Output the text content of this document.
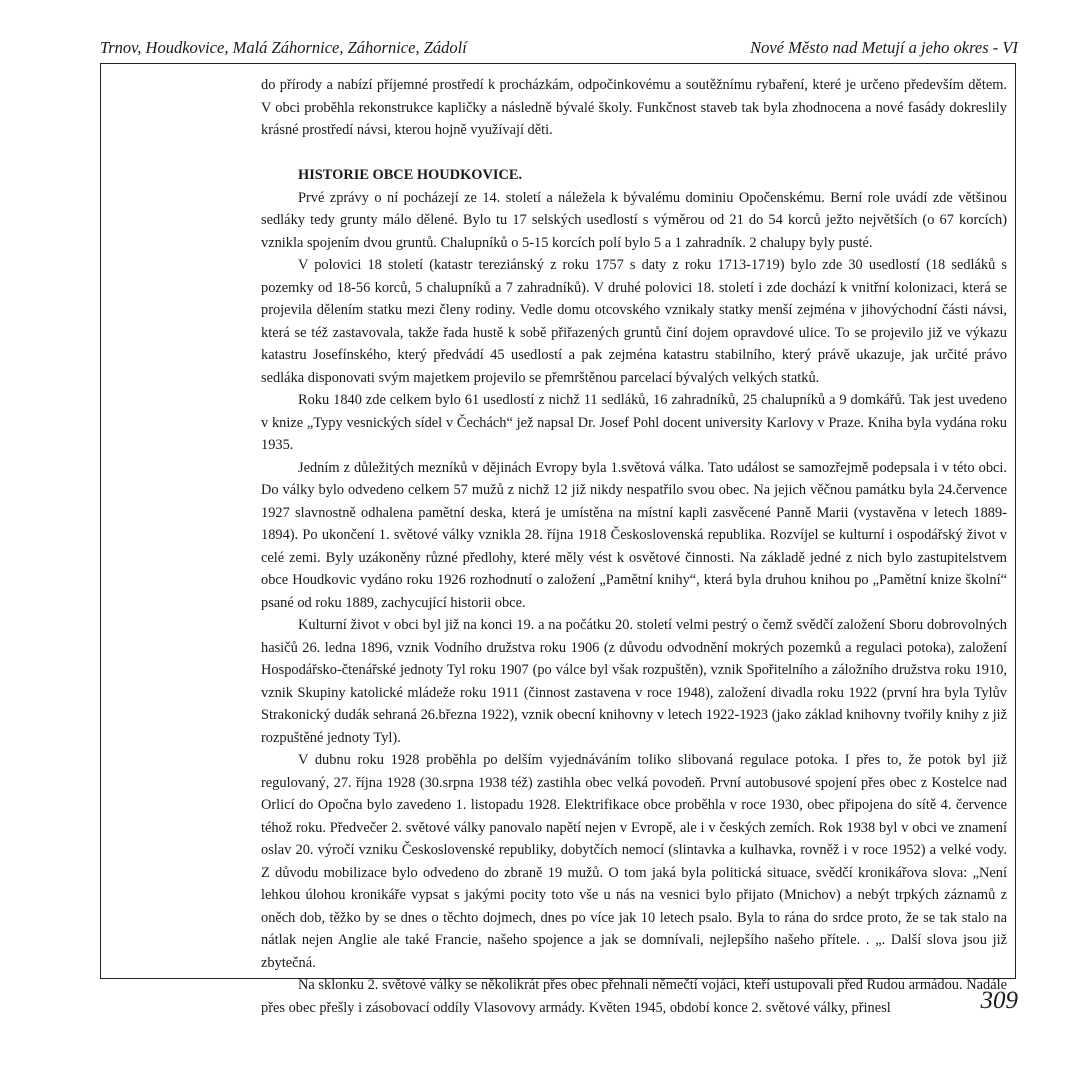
Trnov, Houdkovice, Malá Záhornice, Záhornice, Zádolí	Nové Město nad Metují a jeho okres - VI

do přírody a nabízí příjemné prostředí k procházkám, odpočinkovému a soutěžnímu rybaření, které je určeno především dětem. V obci proběhla rekonstrukce kapličky a následně bývalé školy. Funkčnost staveb tak byla zhodnocena a nové fasády dokreslily krásné prostředí návsi, kterou hojně využívají děti.

HISTORIE OBCE HOUDKOVICE.

Prvé zprávy o ní pocházejí ze 14. století a náležela k bývalému dominiu Opočenskému. Berní role uvádí zde většinou sedláky tedy grunty málo dělené. Bylo tu 17 selských usedlostí s výměrou od 21 do 54 korců ježto největších (o 67 korcích) vznikla spojením dvou gruntů. Chalupníků o 5-15 korcích polí bylo 5 a 1 zahradník. 2 chalupy byly pusté.

V polovici 18 století (katastr tereziánský z roku 1757 s daty z roku 1713-1719) bylo zde 30 usedlostí (18 sedláků s pozemky od 18-56 korců, 5 chalupníků a 7 zahradníků). V druhé polovici 18. století i zde dochází k vnitřní kolonizaci, která se projevila dělením statku mezi členy rodiny. Vedle domu otcovského vznikaly statky menší zejména v jihovýchodní části návsi, která se též zastavovala, takže řada hustě k sobě přiřazených gruntů činí dojem opravdové ulice. To se projevilo již ve výkazu katastru Josefínského, který předvádí 45 usedlostí a pak zejména katastru stabilního, který právě ukazuje, jak určité právo sedláka disponovati svým majetkem projevilo se přemrštěnou parcelací bývalých velkých statků.

Roku 1840 zde celkem bylo 61 usedlostí z nichž 11 sedláků, 16 zahradníků, 25 chalupníků a 9 domkářů. Tak jest uvedeno v knize „Typy vesnických sídel v Čechách“ jež napsal Dr. Josef Pohl docent university Karlovy v Praze. Kniha byla vydána roku 1935.

Jedním z důležitých mezníků v dějinách Evropy byla 1.světová válka. Tato událost se samozřejmě podepsala i v této obci. Do války bylo odvedeno celkem 57 mužů z nichž 12 již nikdy nespatřilo svou obec. Na jejich věčnou památku byla 24.července 1927 slavnostně odhalena pamětní deska, která je umístěna na místní kapli zasvěcené Panně Marii (vystavěna v letech 1889-1894). Po ukončení 1. světové války vznikla 28. října 1918 Československá republika. Rozvíjel se kulturní i ospodářský život v celé zemi. Byly uzákoněny různé předlohy, které měly vést k osvětové činnosti. Na základě jedné z nich bylo zastupitelstvem obce Houdkovic vydáno roku 1926 rozhodnutí o založení „Pamětní knihy“, která byla druhou knihou po „Pamětní knize školní“ psané od roku 1889, zachycující historii obce.

Kulturní život v obci byl již na konci 19. a na počátku 20. století velmi pestrý o čemž svědčí založení Sboru dobrovolných hasičů 26. ledna 1896, vznik Vodního družstva roku 1906 (z důvodu odvodnění mokrých pozemků a regulaci potoka), založení Hospodářsko-čtenářské jednoty Tyl roku 1907 (po válce byl však rozpuštěn), vznik Spořitelního a záložního družstva roku 1910, vznik Skupiny katolické mládeže roku 1911 (činnost zastavena v roce 1948), založení divadla roku 1922 (první hra byla Tylův Strakonický dudák sehraná 26.března 1922), vznik obecní knihovny v letech 1922-1923 (jako základ knihovny tvořily knihy z již rozpuštěné jednoty Tyl).

V dubnu roku 1928 proběhla po delším vyjednáváním toliko slibovaná regulace potoka. I přes to, že potok byl již regulovaný, 27. října 1928 (30.srpna 1938 též) zastihla obec velká povodeň. První autobusové spojení přes obec z Kostelce nad Orlicí do Opočna bylo zavedeno 1. listopadu 1928. Elektrifikace obce proběhla v roce 1930, obec připojena do sítě 4. července téhož roku. Předvečer 2. světové války panovalo napětí nejen v Evropě, ale i v českých zemích. Rok 1938 byl v obci ve znamení oslav 20. výročí vzniku Československé republiky, dobytčích nemocí (slintavka a kulhavka, rovněž i v roce 1952) a velké vody. Z důvodu mobilizace bylo odvedeno do zbraně 19 mužů. O tom jaká byla politická situace, svědčí kronikářova slova: „Není lehkou úlohou kronikáře vypsat s jakými pocity toto vše u nás na vesnici bylo přijato (Mnichov) a nebýt trpkých záznamů z oněch dob, těžko by se dnes o těchto dojmech, dnes po více jak 10 letech psalo. Byla to rána do srdce proto, že se tak stalo na nátlak nejen Anglie ale také Francie, našeho spojence a jak se domnívali, nejlepšího našeho přítele. . „. Další slova jsou již zbytečná.

Na sklonku 2. světové války se několikrát přes obec přehnali němečtí vojáci, kteří ustupovali před Rudou armádou. Nadále přes obec přešly i zásobovací oddíly Vlasovovy armády. Květen 1945, období konce 2. světové války, přinesl	309
